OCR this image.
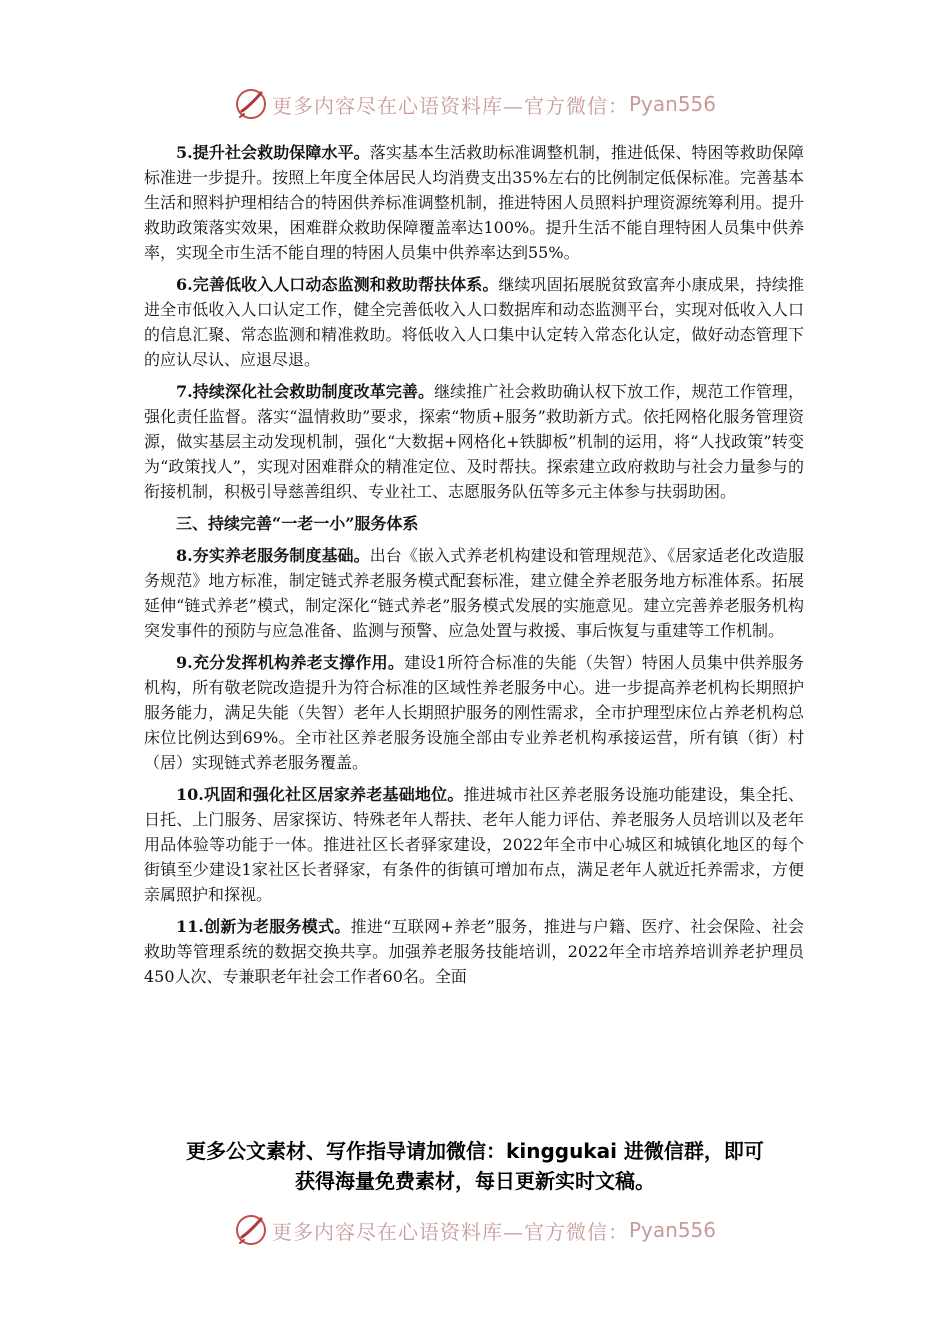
更多内容尽在心语资料库—官方微信： Pyan556

5.提升社会救助保障水平。落实基本生活救助标准调整机制，推进低保、特困等救助保障标准进一步提升。按照上年度全体居民人均消费支出35%左右的比例制定低保标准。完善基本生活和照料护理相结合的特困供养标准调整机制，推进特困人员照料护理资源统筹利用。提升救助政策落实效果，困难群众救助保障覆盖率达100%。提升生活不能自理特困人员集中供养率，实现全市生活不能自理的特困人员集中供养率达到55%。

6.完善低收入人口动态监测和救助帮扶体系。继续巩固拓展脱贫致富奔小康成果，持续推进全市低收入人口认定工作，健全完善低收入人口数据库和动态监测平台，实现对低收入人口的信息汇聚、常态监测和精准救助。将低收入人口集中认定转入常态化认定，做好动态管理下的应认尽认、应退尽退。

7.持续深化社会救助制度改革完善。继续推广社会救助确认权下放工作，规范工作管理，强化责任监督。落实“温情救助”要求，探索“物质+服务”救助新方式。依托网格化服务管理资源，做实基层主动发现机制，强化“大数据+网格化+铁脚板”机制的运用，将“人找政策”转变为“政策找人”，实现对困难群众的精准定位、及时帮扶。探索建立政府救助与社会力量参与的衔接机制，积极引导慈善组织、专业社工、志愿服务队伍等多元主体参与扶弱助困。

三、持续完善“一老一小”服务体系

8.夯实养老服务制度基础。出台《嵌入式养老机构建设和管理规范》、《居家适老化改造服务规范》地方标准，制定链式养老服务模式配套标准，建立健全养老服务地方标准体系。拓展延伸“链式养老”模式，制定深化“链式养老”服务模式发展的实施意见。建立完善养老服务机构突发事件的预防与应急准备、监测与预警、应急处置与救援、事后恢复与重建等工作机制。

9.充分发挥机构养老支撑作用。建设1所符合标准的失能（失智）特困人员集中供养服务机构，所有敬老院改造提升为符合标准的区域性养老服务中心。进一步提高养老机构长期照护服务能力，满足失能（失智）老年人长期照护服务的刚性需求，全市护理型床位占养老机构总床位比例达到69%。全市社区养老服务设施全部由专业养老机构承接运营，所有镇（街）村（居）实现链式养老服务覆盖。

10.巩固和强化社区居家养老基础地位。推进城市社区养老服务设施功能建设，集全托、日托、上门服务、居家探访、特殊老年人帮扶、老年人能力评估、养老服务人员培训以及老年用品体验等功能于一体。推进社区长者驿家建设，2022年全市中心城区和城镇化地区的每个街镇至少建设1家社区长者驿家，有条件的街镇可增加布点，满足老年人就近托养需求，方便亲属照护和探视。

11.创新为老服务模式。推进“互联网+养老”服务，推进与户籍、医疗、社会保险、社会救助等管理系统的数据交换共享。加强养老服务技能培训，2022年全市培养培训养老护理员450人次、专兼职老年社会工作者60名。全面

更多公文素材、写作指导请加微信：kinggukai 进微信群，即可
获得海量免费素材，每日更新实时文稿。
更多内容尽在心语资料库—官方微信： Pyan556
